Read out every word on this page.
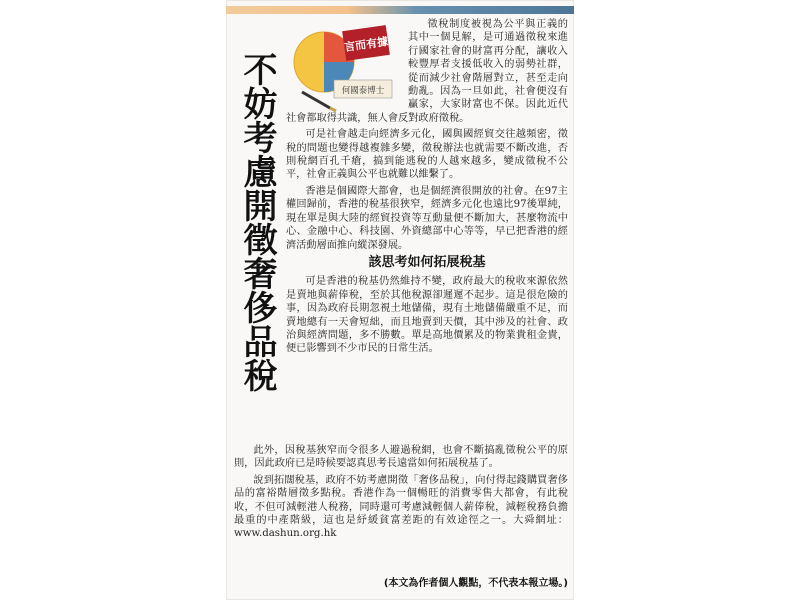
言而有據
何國泰博士
不妨考慮開徵奢侈品稅

徵稅制度被視為公平與正義的其中一個見解，是可通過徵稅來進行國家社會的財富再分配，讓收入較豐厚者支援低收入的弱勢社群，從而減少社會階層對立，甚至走向動亂。因為一旦如此，社會便沒有贏家，大家財富也不保。因此近代社會都取得共識，無人會反對政府徵稅。

可是社會越走向經濟多元化，國與國經貿交往越頻密，徵稅的問題也變得越複雜多變，徵稅辦法也就需要不斷改進，否則稅網百孔千瘡，搞到能逃稅的人越來越多，變成徵稅不公平，社會正義與公平也就難以維繫了。

香港是個國際大都會，也是個經濟很開放的社會。在97主權回歸前，香港的稅基很狹窄，經濟多元化也遠比97後單純，現在單是與大陸的經貿投資等互動量便不斷加大，甚麼物流中心、金融中心、科技園、外資總部中心等等，早已把香港的經濟活動層面推向縱深發展。

該思考如何拓展稅基

可是香港的稅基仍然維持不變，政府最大的稅收來源依然是賣地與薪俸稅，至於其他稅源卻遲遲不起步。這是很危險的事，因為政府長期忽視土地儲備，現有土地儲備嚴重不足，而賣地總有一天會短絀，而且地賣到天價，其中涉及的社會、政治與經濟問題，多不勝數。單是高地價累及的物業貴租金貴，便已影響到不少市民的日常生活。

此外，因稅基狹窄而令很多人避過稅網，也會不斷搞亂徵稅公平的原則，因此政府已是時候要認真思考長遠當如何拓展稅基了。

說到拓闊稅基，政府不妨考慮開徵「奢侈品稅」，向付得起錢購買奢侈品的富裕階層徵多點稅。香港作為一個暢旺的消費零售大都會，有此稅收，不但可減輕港人稅務，同時還可考慮減輕個人薪俸稅，減輕稅務負擔最重的中產階級，這也是紓緩貧富差距的有效途徑之一。大舜網址：www.dashun.org.hk

(本文為作者個人觀點，不代表本報立場。)
